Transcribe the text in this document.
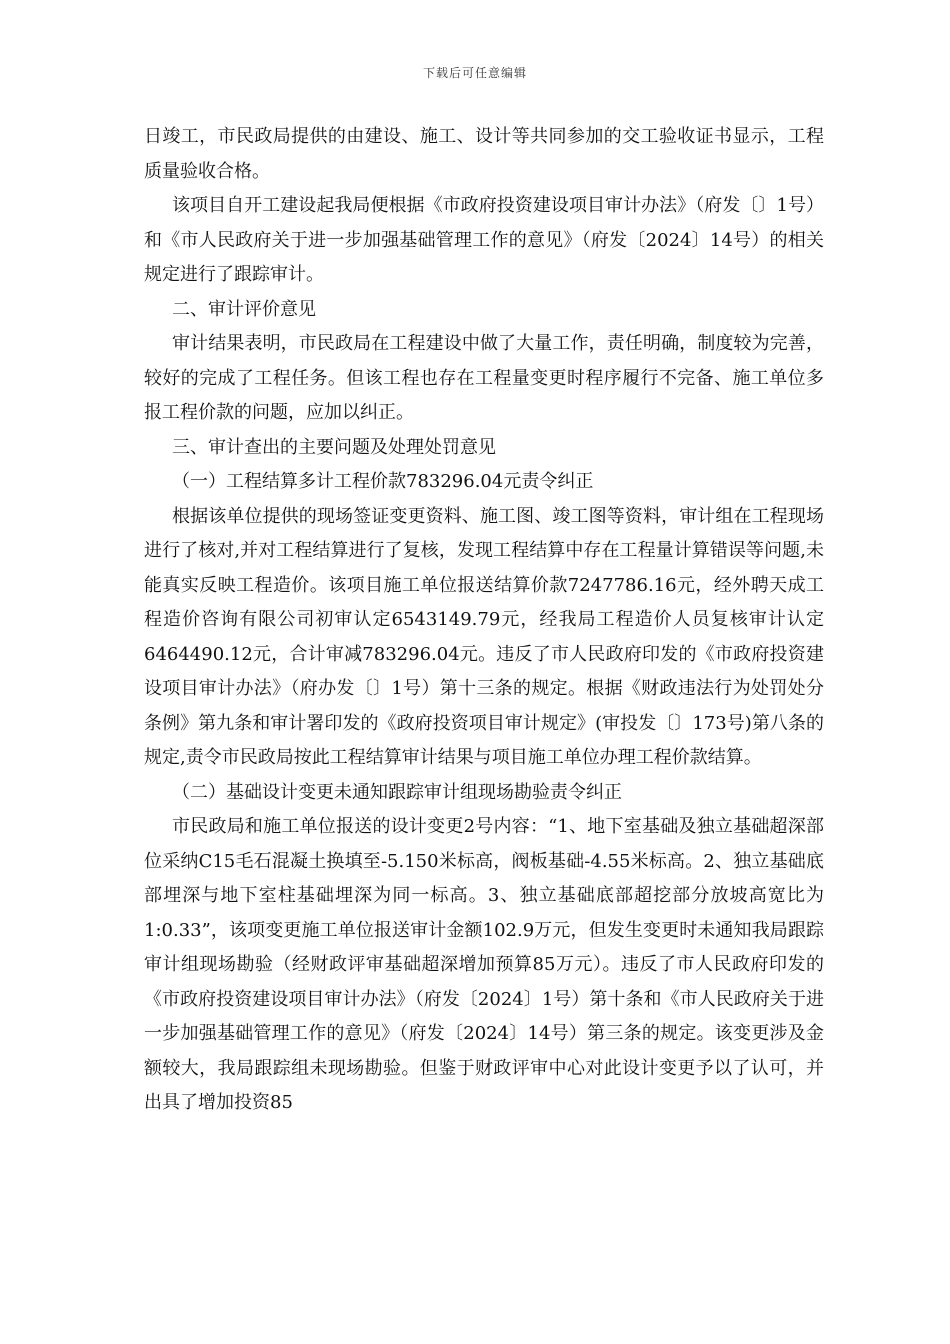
下载后可任意编辑

日竣工，市民政局提供的由建设、施工、设计等共同参加的交工验收证书显示，工程质量验收合格。

该项目自开工建设起我局便根据《市政府投资建设项目审计办法》（府发〔〕1号）和《市人民政府关于进一步加强基础管理工作的意见》（府发〔2024〕14号）的相关规定进行了跟踪审计。

二、审计评价意见

审计结果表明，市民政局在工程建设中做了大量工作，责任明确，制度较为完善，较好的完成了工程任务。但该工程也存在工程量变更时程序履行不完备、施工单位多报工程价款的问题，应加以纠正。

三、审计查出的主要问题及处理处罚意见

（一）工程结算多计工程价款783296.04元责令纠正

根据该单位提供的现场签证变更资料、施工图、竣工图等资料，审计组在工程现场进行了核对,并对工程结算进行了复核，发现工程结算中存在工程量计算错误等问题,未能真实反映工程造价。该项目施工单位报送结算价款7247786.16元，经外聘天成工程造价咨询有限公司初审认定6543149.79元，经我局工程造价人员复核审计认定6464490.12元，合计审减783296.04元。违反了市人民政府印发的《市政府投资建设项目审计办法》（府办发〔〕1号）第十三条的规定。根据《财政违法行为处罚处分条例》第九条和审计署印发的《政府投资项目审计规定》(审投发〔〕173号)第八条的规定,责令市民政局按此工程结算审计结果与项目施工单位办理工程价款结算。

（二）基础设计变更未通知跟踪审计组现场勘验责令纠正

市民政局和施工单位报送的设计变更2号内容：“1、地下室基础及独立基础超深部位采纳C15毛石混凝土换填至-5.150米标高，阀板基础-4.55米标高。2、独立基础底部埋深与地下室柱基础埋深为同一标高。3、独立基础底部超挖部分放坡高宽比为1:0.33”，该项变更施工单位报送审计金额102.9万元，但发生变更时未通知我局跟踪审计组现场勘验（经财政评审基础超深增加预算85万元）。违反了市人民政府印发的《市政府投资建设项目审计办法》（府发〔2024〕1号）第十条和《市人民政府关于进一步加强基础管理工作的意见》（府发〔2024〕14号）第三条的规定。该变更涉及金额较大，我局跟踪组未现场勘验。但鉴于财政评审中心对此设计变更予以了认可，并出具了增加投资85
